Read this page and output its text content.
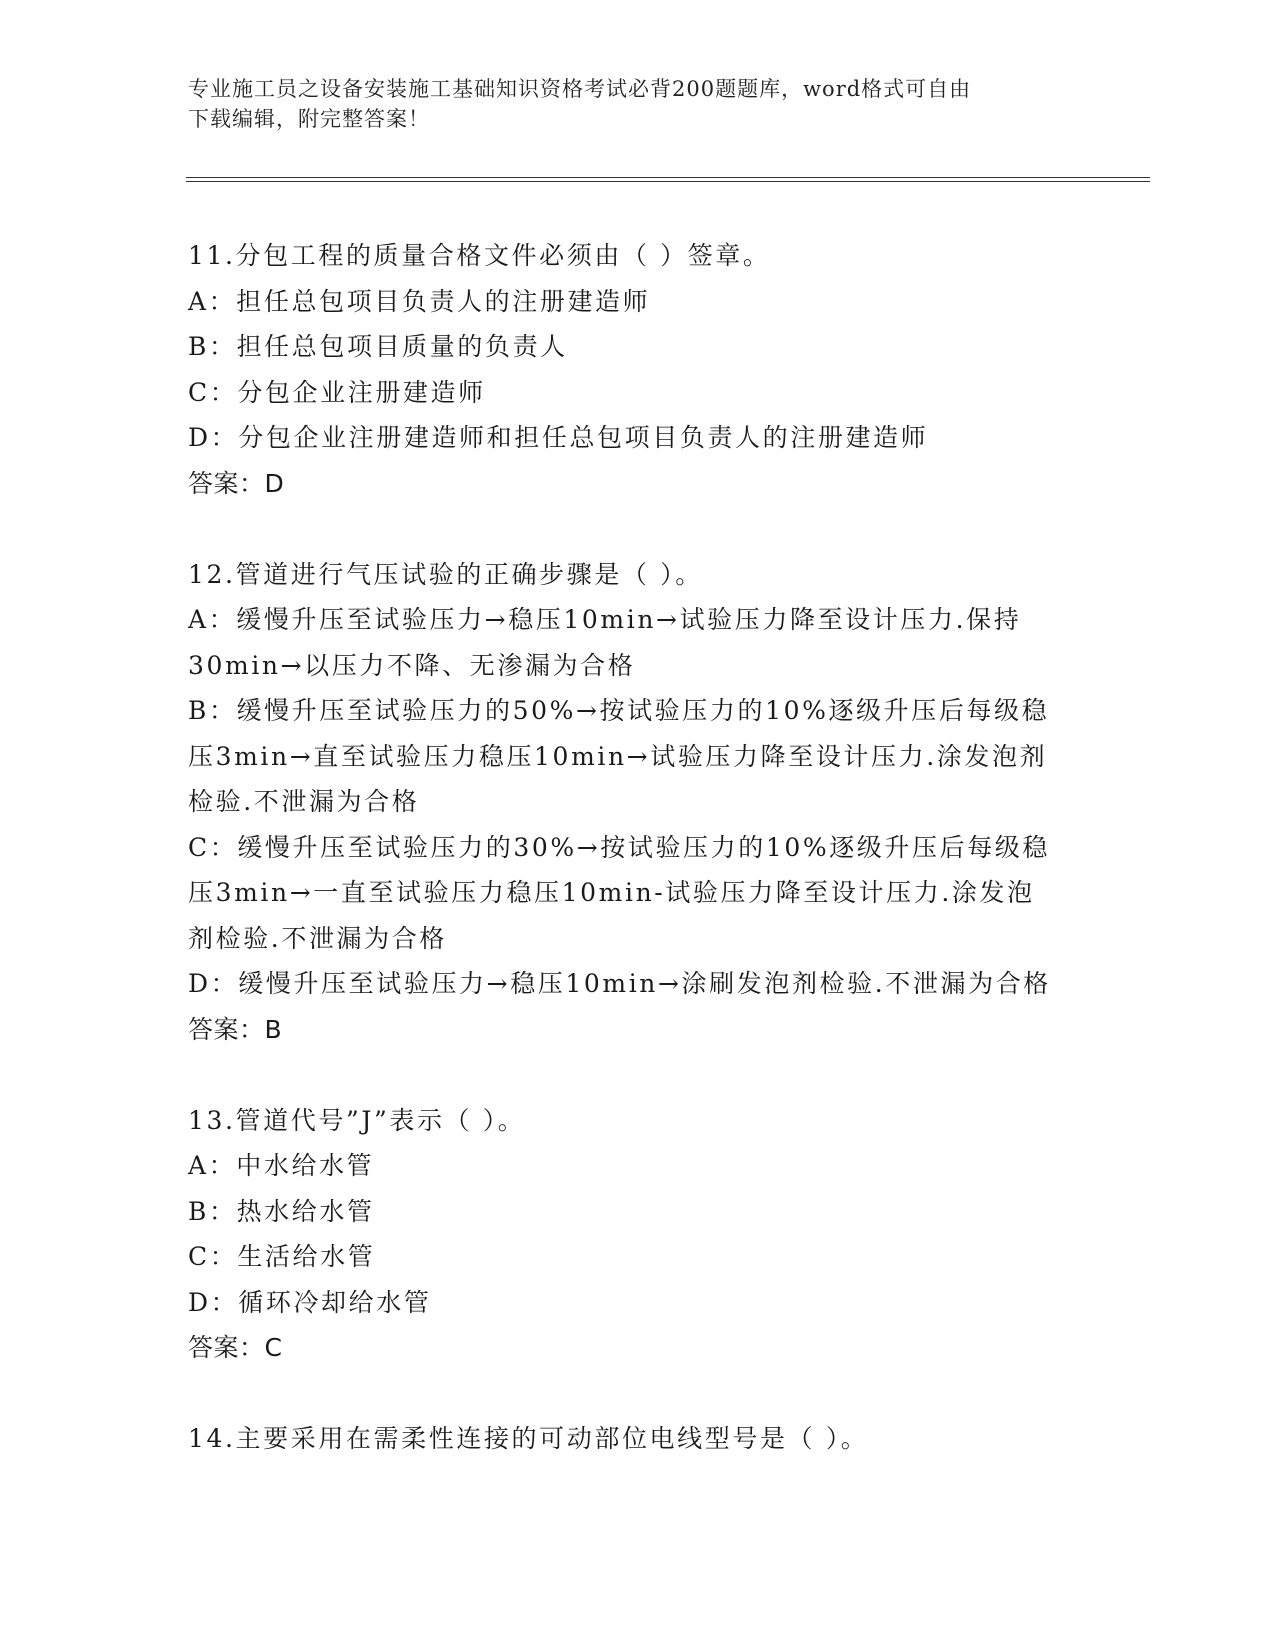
专业施工员之设备安装施工基础知识资格考试必背200题题库，word格式可自由
下载编辑，附完整答案！
11.分包工程的质量合格文件必须由（ ）签章。
A：担任总包项目负责人的注册建造师
B：担任总包项目质量的负责人
C：分包企业注册建造师
D：分包企业注册建造师和担任总包项目负责人的注册建造师
答案：D
12.管道进行气压试验的正确步骤是（ ）。
A：缓慢升压至试验压力→稳压10min→试验压力降至设计压力.保持
30min→以压力不降、无渗漏为合格
B：缓慢升压至试验压力的50%→按试验压力的10%逐级升压后每级稳
压3min→直至试验压力稳压10min→试验压力降至设计压力.涂发泡剂
检验.不泄漏为合格
C：缓慢升压至试验压力的30%→按试验压力的10%逐级升压后每级稳
压3min→一直至试验压力稳压10min-试验压力降至设计压力.涂发泡
剂检验.不泄漏为合格
D：缓慢升压至试验压力→稳压10min→涂刷发泡剂检验.不泄漏为合格
答案：B
13.管道代号”J”表示（ ）。
A：中水给水管
B：热水给水管
C：生活给水管
D：循环冷却给水管
答案：C
14.主要采用在需柔性连接的可动部位电线型号是（ ）。
